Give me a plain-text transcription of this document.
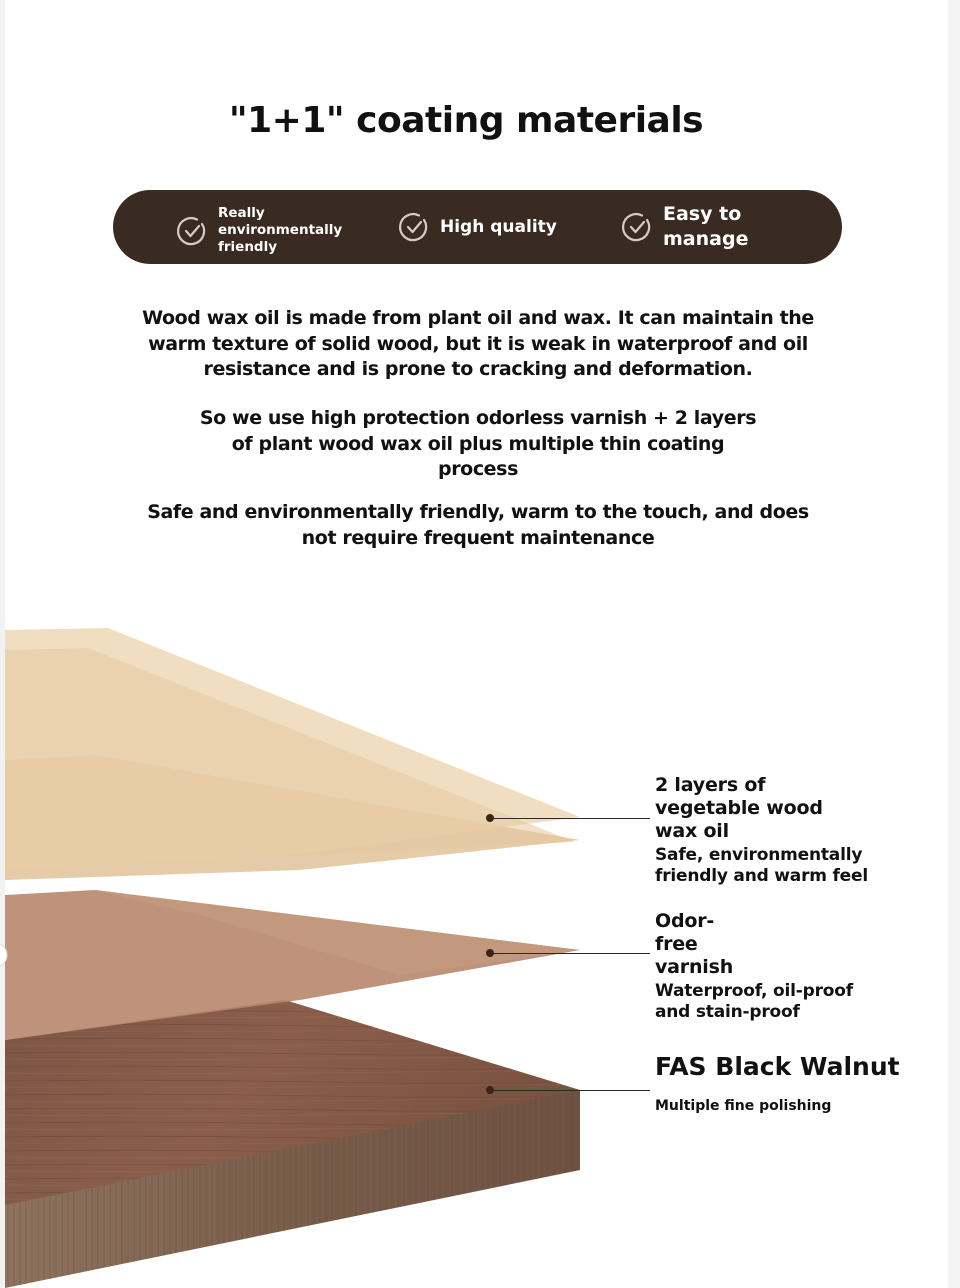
"1+1" coating materials
Really
environmentally
friendly
High quality
Easy to
manage

Wood wax oil is made from plant oil and wax. It can maintain the warm texture of solid wood, but it is weak in waterproof and oil resistance and is prone to cracking and deformation.

So we use high protection odorless varnish + 2 layers of plant wood wax oil plus multiple thin coating process

Safe and environmentally friendly, warm to the touch, and does not require frequent maintenance

2 layers of vegetable wood wax oil
Safe, environmentally friendly and warm feel
Odor-free varnish
Waterproof, oil-proof and stain-proof
FAS Black Walnut
Multiple fine polishing
